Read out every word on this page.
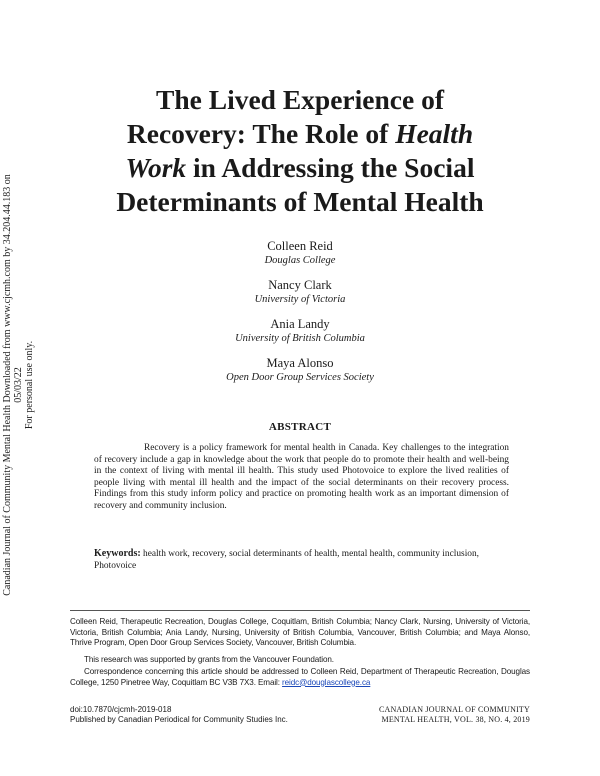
Canadian Journal of Community Mental Health Downloaded from www.cjcmh.com by 34.204.44.183 on 05/03/22 For personal use only.
The Lived Experience of
Recovery: The Role of Health
Work in Addressing the Social
Determinants of Mental Health
Colleen Reid
Douglas College
Nancy Clark
University of Victoria
Ania Landy
University of British Columbia
Maya Alonso
Open Door Group Services Society
ABSTRACT
Recovery is a policy framework for mental health in Canada. Key challenges to the integration of recovery include a gap in knowledge about the work that people do to promote their health and well-being in the context of living with mental ill health. This study used Photovoice to explore the lived realities of people living with mental ill health and the impact of the social determinants on their recovery process. Findings from this study inform policy and practice on promoting health work as an important dimension of recovery and community inclusion.
Keywords: health work, recovery, social determinants of health, mental health, community inclusion, Photovoice
Colleen Reid, Therapeutic Recreation, Douglas College, Coquitlam, British Columbia; Nancy Clark, Nursing, University of Victoria, Victoria, British Columbia; Ania Landy, Nursing, University of British Columbia, Vancouver, British Columbia; and Maya Alonso, Thrive Program, Open Door Group Services Society, Vancouver, British Columbia.
This research was supported by grants from the Vancouver Foundation.
Correspondence concerning this article should be addressed to Colleen Reid, Department of Therapeutic Recreation, Douglas College, 1250 Pinetree Way, Coquitlam BC V3B 7X3. Email: reidc@douglascollege.ca
doi:10.7870/cjcmh-2019-018
Published by Canadian Periodical for Community Studies Inc.
CANADIAN JOURNAL OF COMMUNITY
MENTAL HEALTH, VOL. 38, NO. 4, 2019
